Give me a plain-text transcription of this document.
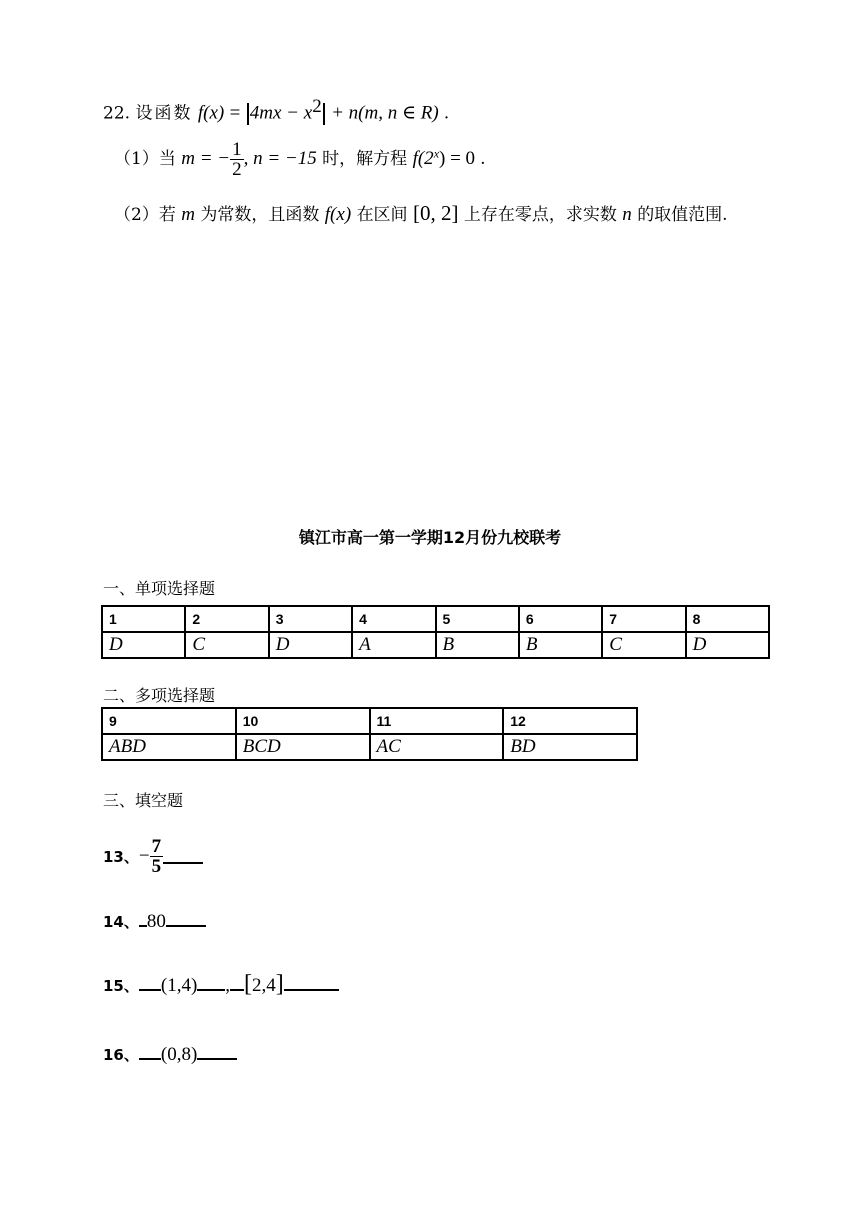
22. 设函数 $f(x) = 4mx - x^2 + n(m$, n ∈ R) .
（1）当 m = − $\frac{1}{2}$ , n = −15 时，解方程 $f(2^x) = 0$ .
（2）若 m 为常数，且函数 f(x) 在区间 [0, 2] 上存在零点，求实数 n 的取值范围.
镇江市高一第一学期12月份九校联考
一、单项选择题
1	2	3	4	5	6	7	8
D	C	D	A	B	B	C	D
二、多项选择题
9	10	11	12
ABD	BCD	AC	BD
三、填空题
13、− $\frac{7}{5}$
14、 80
15、 (1,4) , [2,4]
16、 (0,8)
